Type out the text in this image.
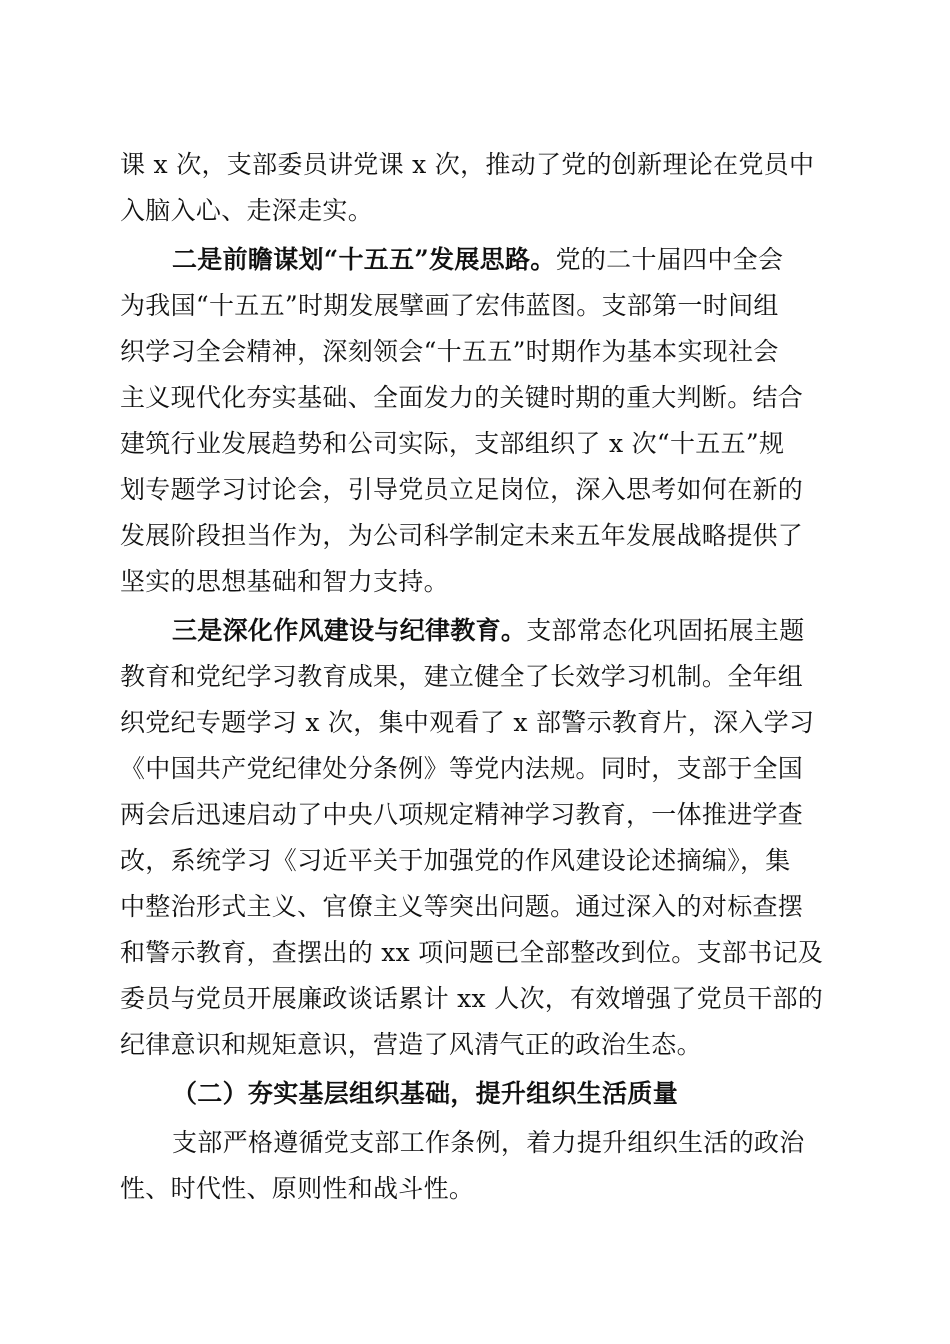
课 x 次，支部委员讲党课 x 次，推动了党的创新理论在党员中
入脑入心、走深走实。
二是前瞻谋划“十五五”发展思路。党的二十届四中全会
为我国“十五五”时期发展擘画了宏伟蓝图。支部第一时间组
织学习全会精神，深刻领会“十五五”时期作为基本实现社会
主义现代化夯实基础、全面发力的关键时期的重大判断。结合
建筑行业发展趋势和公司实际，支部组织了 x 次“十五五”规
划专题学习讨论会，引导党员立足岗位，深入思考如何在新的
发展阶段担当作为，为公司科学制定未来五年发展战略提供了
坚实的思想基础和智力支持。
三是深化作风建设与纪律教育。支部常态化巩固拓展主题
教育和党纪学习教育成果，建立健全了长效学习机制。全年组
织党纪专题学习 x 次，集中观看了 x 部警示教育片，深入学习
《中国共产党纪律处分条例》等党内法规。同时，支部于全国
两会后迅速启动了中央八项规定精神学习教育，一体推进学查
改，系统学习《习近平关于加强党的作风建设论述摘编》，集
中整治形式主义、官僚主义等突出问题。通过深入的对标查摆
和警示教育，查摆出的 xx 项问题已全部整改到位。支部书记及
委员与党员开展廉政谈话累计 xx 人次，有效增强了党员干部的
纪律意识和规矩意识，营造了风清气正的政治生态。
（二）夯实基层组织基础，提升组织生活质量
支部严格遵循党支部工作条例，着力提升组织生活的政治
性、时代性、原则性和战斗性。
